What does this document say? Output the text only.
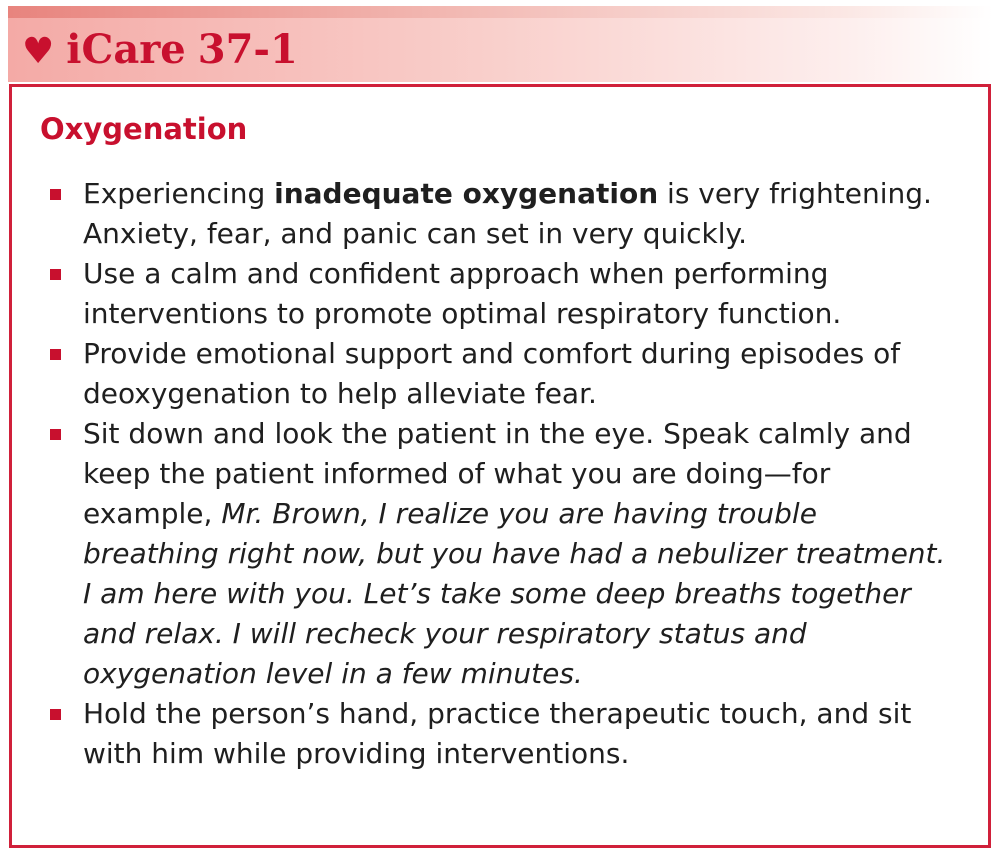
♥ iCare 37-1
Oxygenation
Experiencing inadequate oxygenation is very frightening. Anxiety, fear, and panic can set in very quickly.
Use a calm and confident approach when performing interventions to promote optimal respiratory function.
Provide emotional support and comfort during episodes of deoxygenation to help alleviate fear.
Sit down and look the patient in the eye. Speak calmly and keep the patient informed of what you are doing—for example, Mr. Brown, I realize you are having trouble breathing right now, but you have had a nebulizer treatment. I am here with you. Let’s take some deep breaths together and relax. I will recheck your respiratory status and oxygenation level in a few minutes.
Hold the person’s hand, practice therapeutic touch, and sit with him while providing interventions.
